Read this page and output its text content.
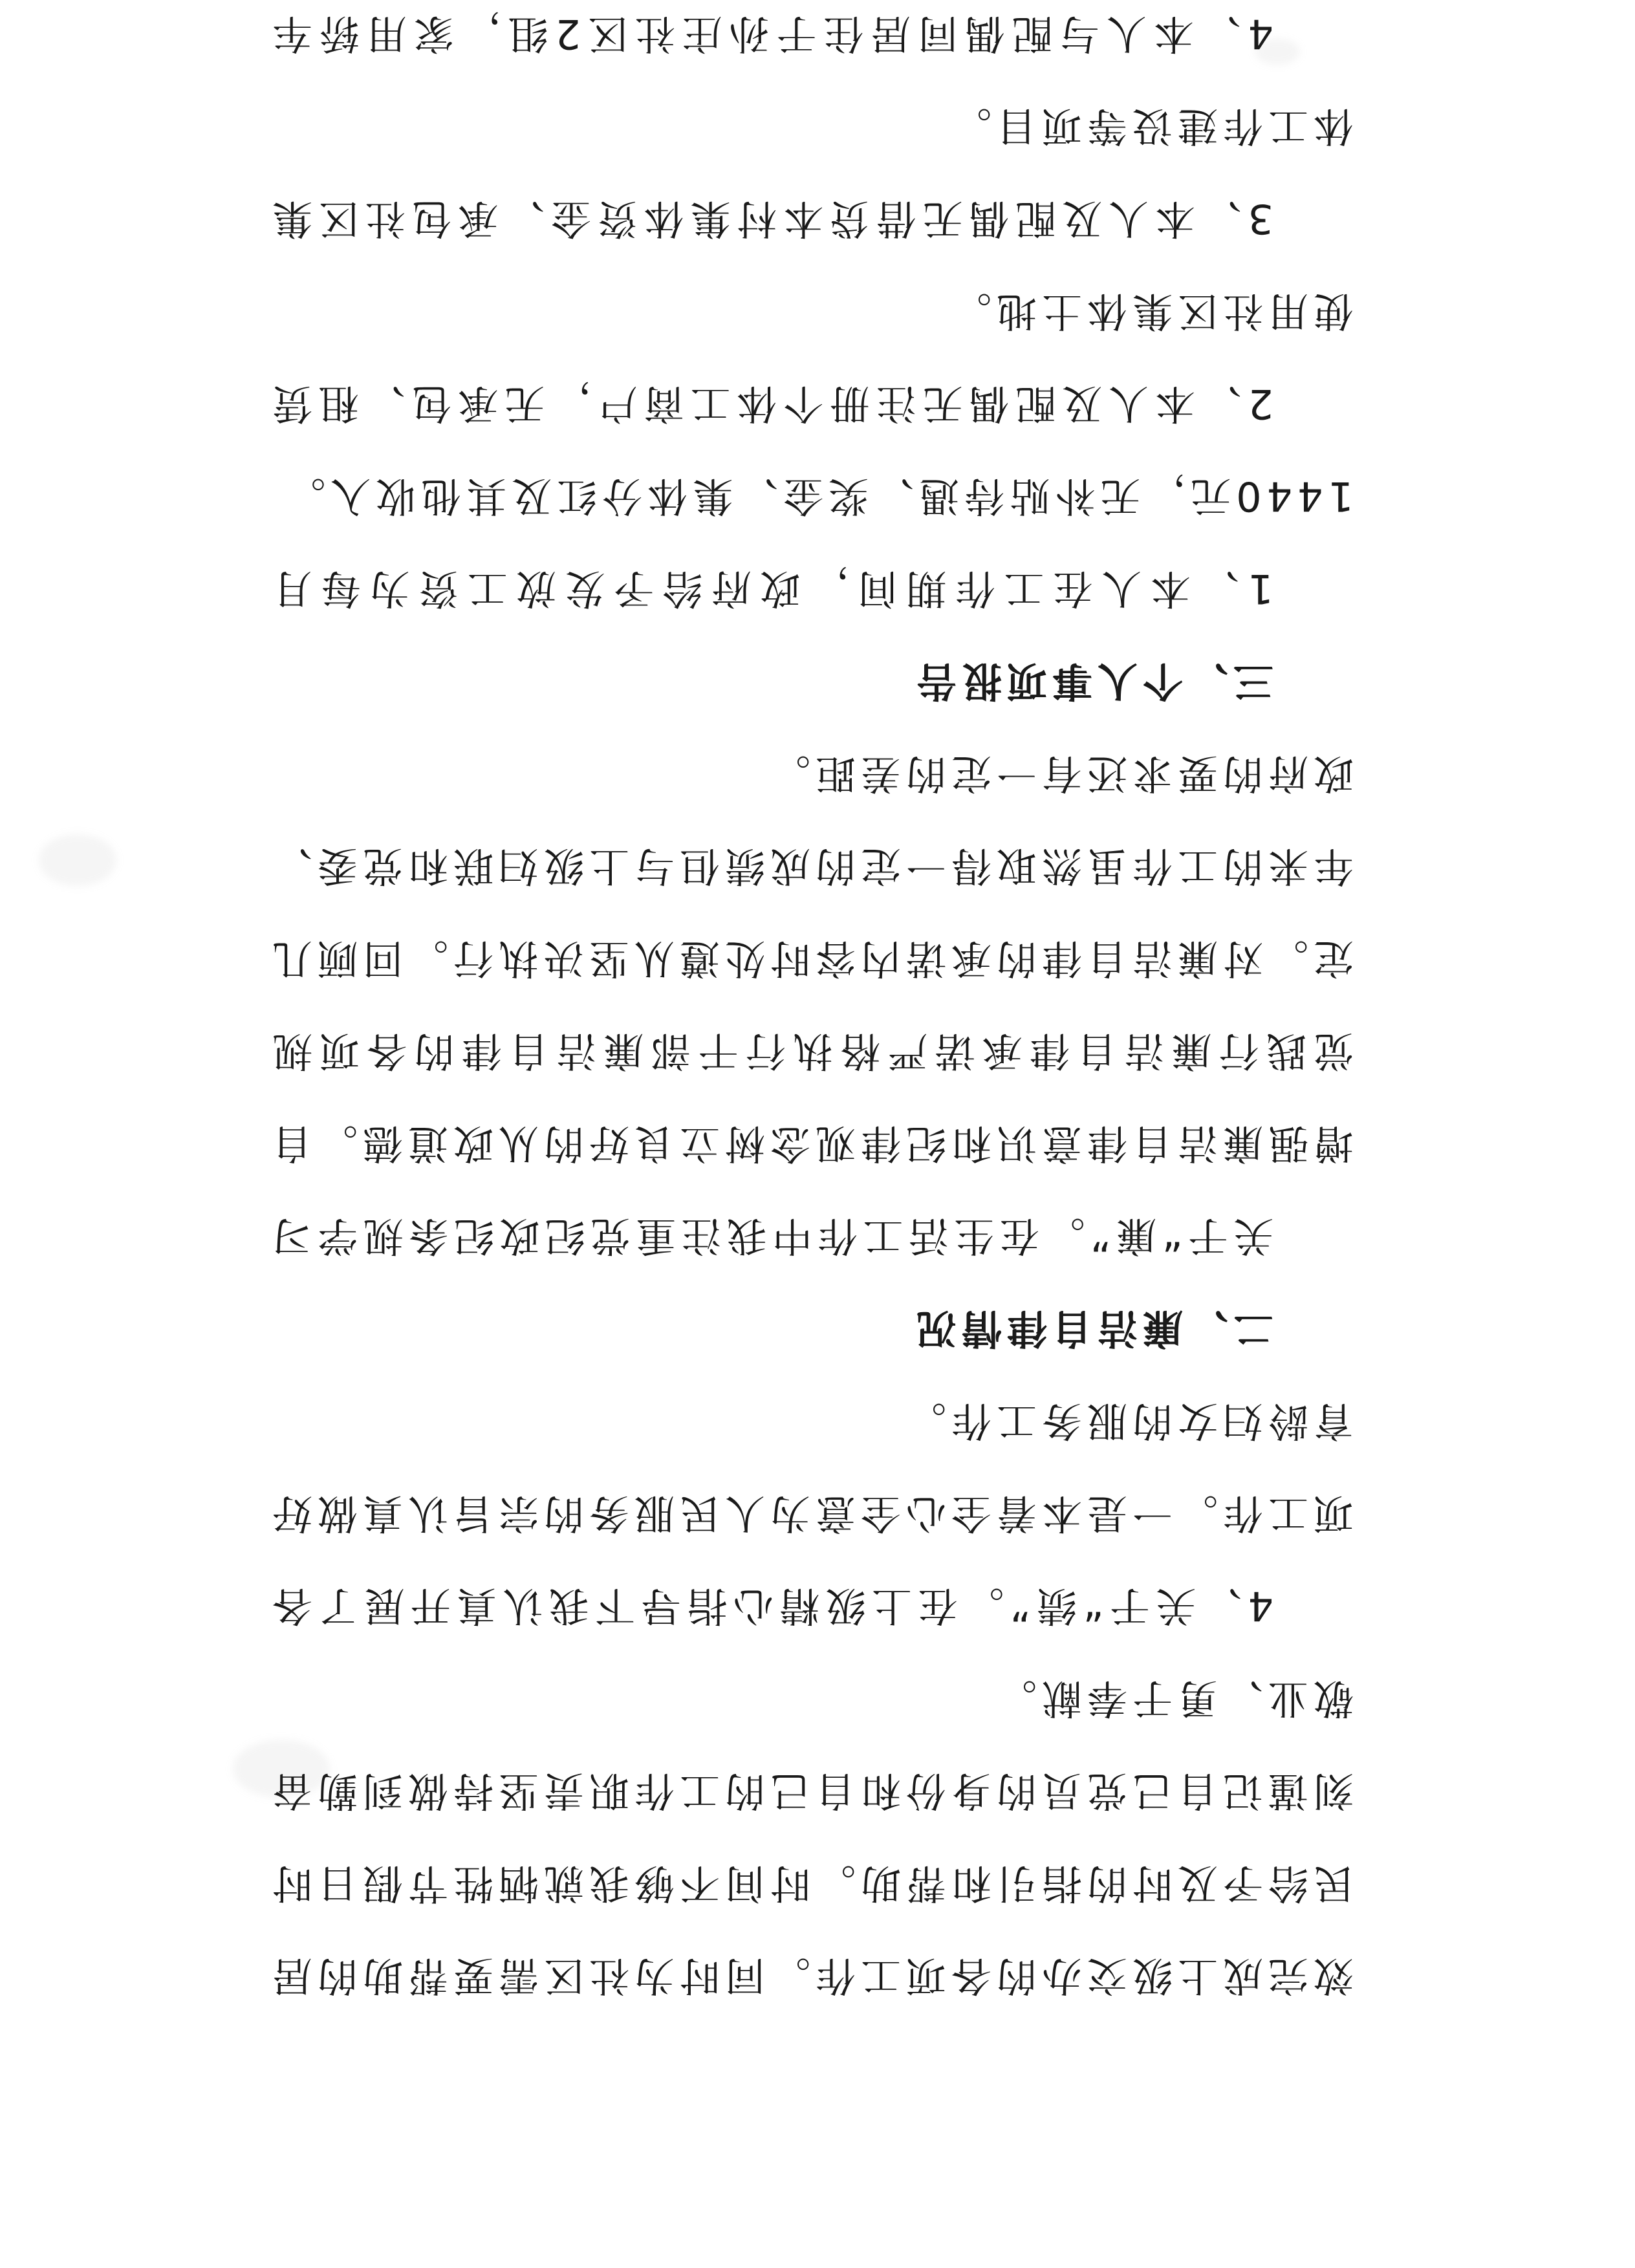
效完成上级交办的各项工作。同时为社区需要帮助的居民给予及时的指引和帮助。时间不够我就牺牲节假日时刻谨记自己党员的身份和自己的工作职责坚持做到勤奋敬业、勇于奉献。

4、关于“绩”。在上级精心指导下我认真开展了各项工作。一是本着全心全意为人民服务的宗旨认真做好育龄妇女的服务工作。

二、廉洁自律情况

关于“廉”。在生活工作中我注重党纪政纪条规学习增强廉洁自律意识和纪律观念树立良好的从政道德。自觉践行廉洁自律承诺严格执行干部廉洁自律的各项规定。对廉洁自律的承诺内容时处遵从坚决执行。回顾几年来的工作虽然取得一定的成绩但与上级妇联和党委、政府的要求还有一定的差距。

三、个人事项报告

1、本人在工作期间，政府给予发放工资为每月1440元，无补贴待遇、奖金、集体分红及其他收入。

2、本人及配偶无注册个体工商户，无承包、租赁使用社区集体土地。

3、本人及配偶无借贷本村集体资金、承包社区集体工作建设等项目。

4、本人与配偶同居住于孙庄社区2组，家用轿车
